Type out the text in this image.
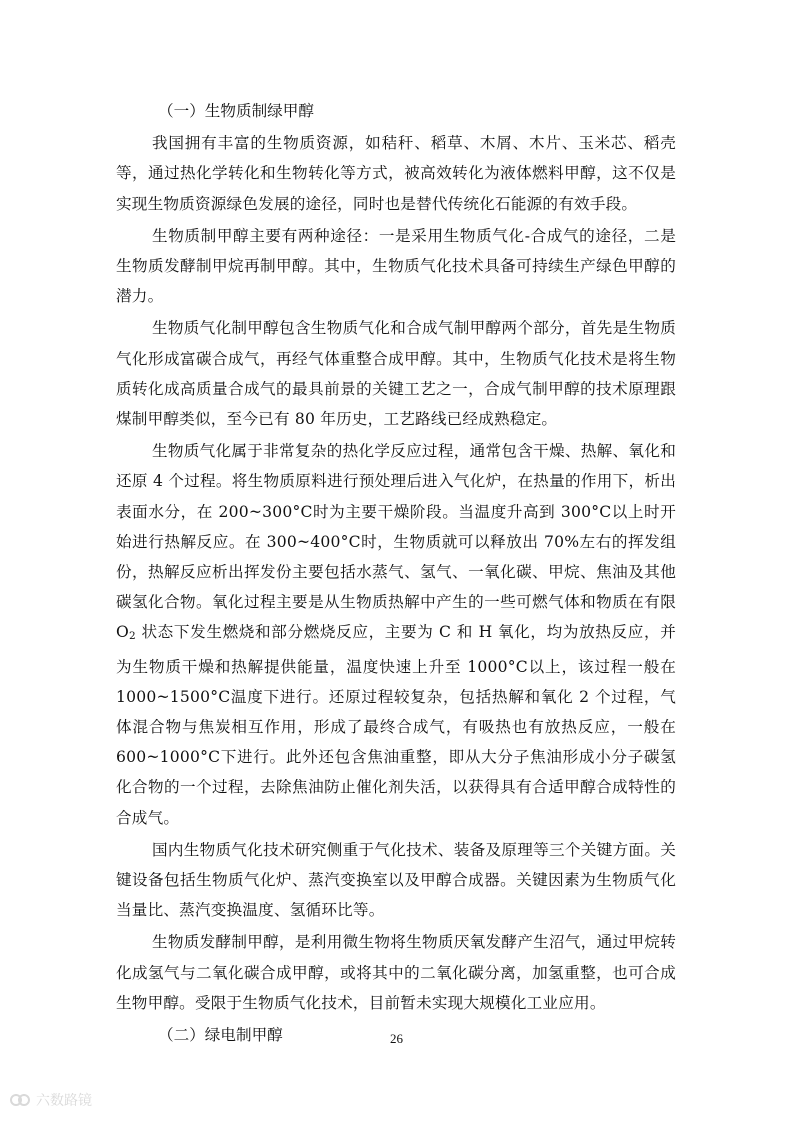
（一）生物质制绿甲醇

我国拥有丰富的生物质资源，如秸秆、稻草、木屑、木片、玉米芯、稻壳等，通过热化学转化和生物转化等方式，被高效转化为液体燃料甲醇，这不仅是实现生物质资源绿色发展的途径，同时也是替代传统化石能源的有效手段。

生物质制甲醇主要有两种途径：一是采用生物质气化-合成气的途径，二是生物质发酵制甲烷再制甲醇。其中，生物质气化技术具备可持续生产绿色甲醇的潜力。

生物质气化制甲醇包含生物质气化和合成气制甲醇两个部分，首先是生物质气化形成富碳合成气，再经气体重整合成甲醇。其中，生物质气化技术是将生物质转化成高质量合成气的最具前景的关键工艺之一，合成气制甲醇的技术原理跟煤制甲醇类似，至今已有 80 年历史，工艺路线已经成熟稳定。

生物质气化属于非常复杂的热化学反应过程，通常包含干燥、热解、氧化和还原 4 个过程。将生物质原料进行预处理后进入气化炉，在热量的作用下，析出表面水分，在 200~300°C时为主要干燥阶段。当温度升高到 300°C以上时开始进行热解反应。在 300~400°C时，生物质就可以释放出 70%左右的挥发组份，热解反应析出挥发份主要包括水蒸气、氢气、一氧化碳、甲烷、焦油及其他碳氢化合物。氧化过程主要是从生物质热解中产生的一些可燃气体和物质在有限 O2 状态下发生燃烧和部分燃烧反应，主要为 C 和 H 氧化，均为放热反应，并为生物质干燥和热解提供能量，温度快速上升至 1000°C以上，该过程一般在 1000~1500°C温度下进行。还原过程较复杂，包括热解和氧化 2 个过程，气体混合物与焦炭相互作用，形成了最终合成气，有吸热也有放热反应，一般在 600~1000°C下进行。此外还包含焦油重整，即从大分子焦油形成小分子碳氢化合物的一个过程，去除焦油防止催化剂失活，以获得具有合适甲醇合成特性的合成气。

国内生物质气化技术研究侧重于气化技术、装备及原理等三个关键方面。关键设备包括生物质气化炉、蒸汽变换室以及甲醇合成器。关键因素为生物质气化当量比、蒸汽变换温度、氢循环比等。

生物质发酵制甲醇，是利用微生物将生物质厌氧发酵产生沼气，通过甲烷转化成氢气与二氧化碳合成甲醇，或将其中的二氧化碳分离，加氢重整，也可合成生物甲醇。受限于生物质气化技术，目前暂未实现大规模化工业应用。

（二）绿电制甲醇	26
六数路镜
